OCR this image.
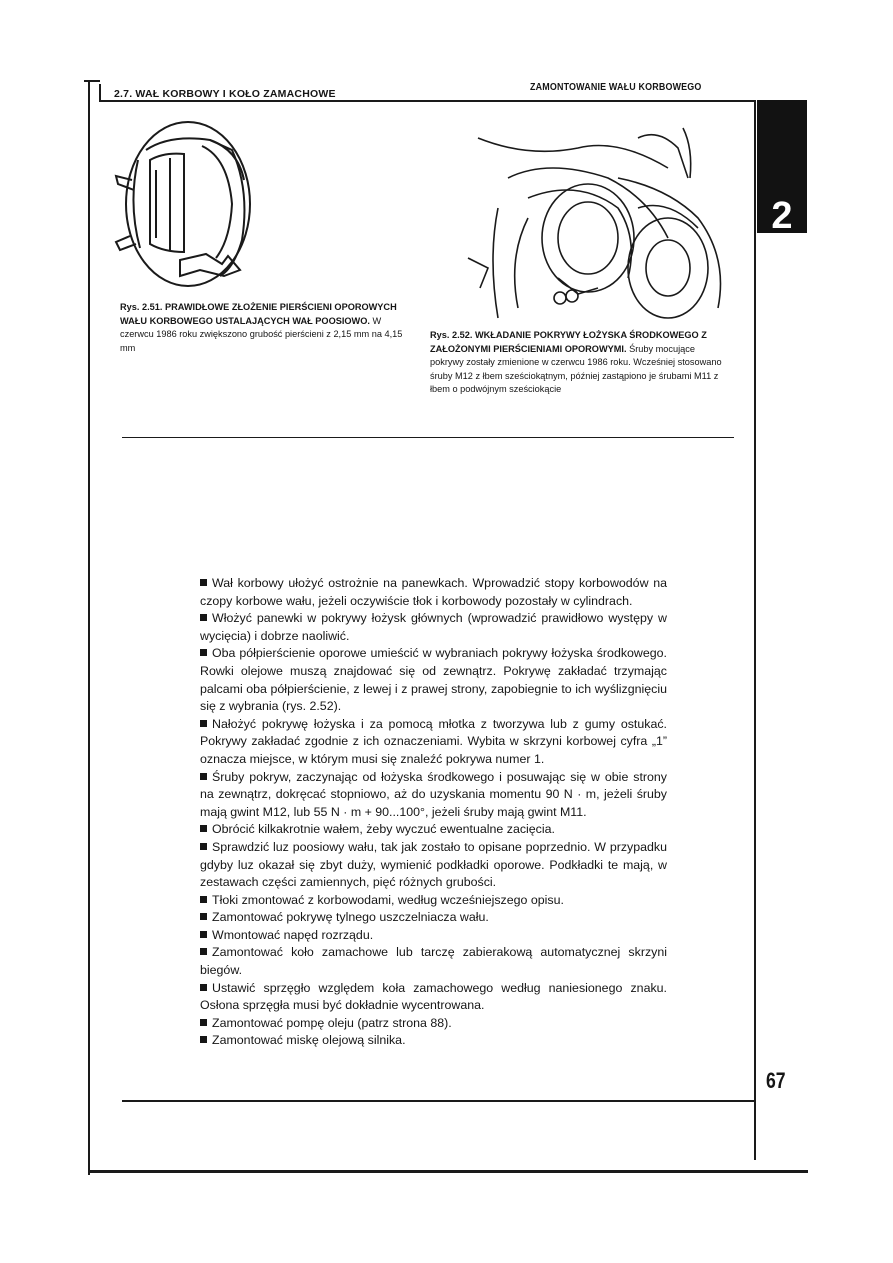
2.7. WAŁ KORBOWY I KOŁO ZAMACHOWE
ZAMONTOWANIE WAŁU KORBOWEGO
2
Rys. 2.51. PRAWIDŁOWE ZŁOŻENIE PIERŚCIENI OPOROWYCH WAŁU KORBOWEGO USTALAJĄCYCH WAŁ POOSIOWO. W czerwcu 1986 roku zwiększono grubość pierścieni z 2,15 mm na 4,15 mm
Rys. 2.52. WKŁADANIE POKRYWY ŁOŻYSKA ŚRODKOWEGO Z ZAŁOŻONYMI PIERŚCIENIAMI OPOROWYMI. Śruby mocujące pokrywy zostały zmienione w czerwcu 1986 roku. Wcześniej stosowano śruby M12 z łbem sześciokątnym, później zastąpiono je śrubami M11 z łbem o podwójnym sześciokącie

Wał korbowy ułożyć ostrożnie na panewkach. Wprowadzić stopy korbowodów na czopy korbowe wału, jeżeli oczywiście tłok i korbowody pozostały w cylindrach.

Włożyć panewki w pokrywy łożysk głównych (wprowadzić prawidłowo występy w wycięcia) i dobrze naoliwić.

Oba półpierścienie oporowe umieścić w wybraniach pokrywy łożyska środkowego. Rowki olejowe muszą znajdować się od zewnątrz. Pokrywę zakładać trzymając palcami oba półpierścienie, z lewej i z prawej strony, zapobiegnie to ich wyślizgnięciu się z wybrania (rys. 2.52).

Nałożyć pokrywę łożyska i za pomocą młotka z tworzywa lub z gumy ostukać. Pokrywy zakładać zgodnie z ich oznaczeniami. Wybita w skrzyni korbowej cyfra „1” oznacza miejsce, w którym musi się znaleźć pokrywa numer 1.

Śruby pokryw, zaczynając od łożyska środkowego i posuwając się w obie strony na zewnątrz, dokręcać stopniowo, aż do uzyskania momentu 90 N · m, jeżeli śruby mają gwint M12, lub 55 N · m + 90...100°, jeżeli śruby mają gwint M11.

Obrócić kilkakrotnie wałem, żeby wyczuć ewentualne zacięcia.

Sprawdzić luz poosiowy wału, tak jak zostało to opisane poprzednio. W przypadku gdyby luz okazał się zbyt duży, wymienić podkładki oporowe. Podkładki te mają, w zestawach części zamiennych, pięć różnych grubości.

Tłoki zmontować z korbowodami, według wcześniejszego opisu.

Zamontować pokrywę tylnego uszczelniacza wału.

Wmontować napęd rozrządu.

Zamontować koło zamachowe lub tarczę zabierakową automatycznej skrzyni biegów.

Ustawić sprzęgło względem koła zamachowego według naniesionego znaku. Osłona sprzęgła musi być dokładnie wycentrowana.

Zamontować pompę oleju (patrz strona 88).

Zamontować miskę olejową silnika.

67
